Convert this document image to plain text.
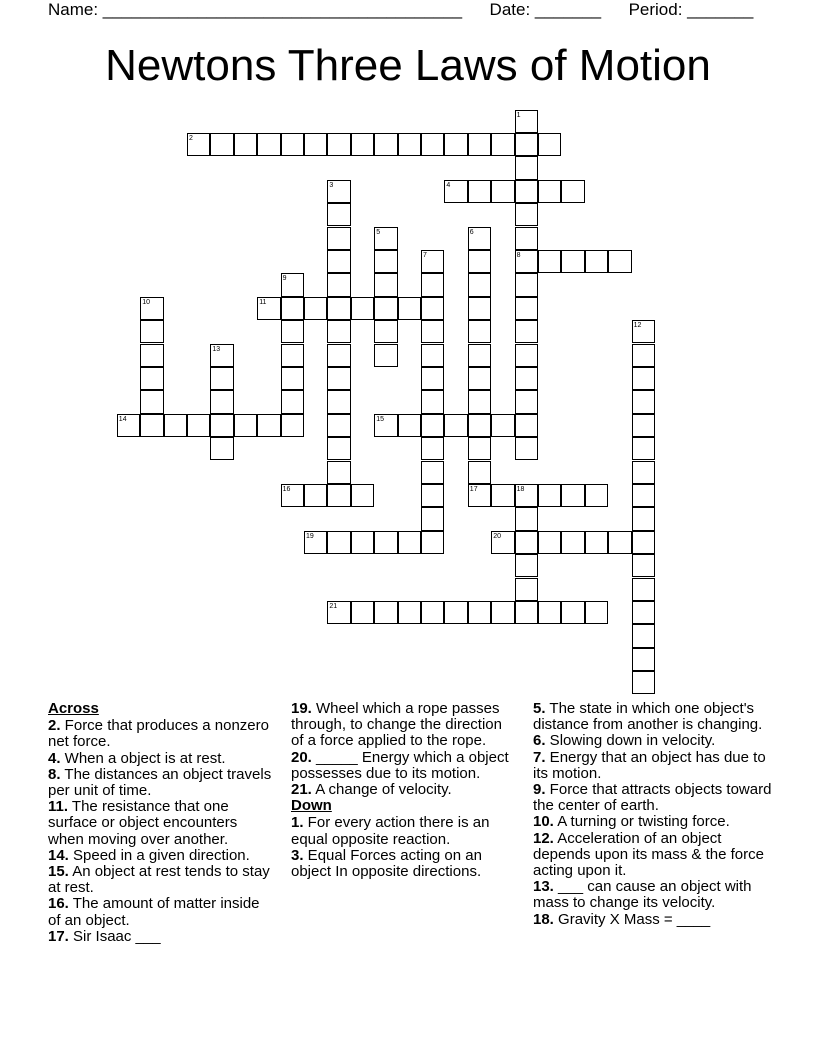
Name: ______________________________________ Date: _______ Period: _______
Newtons Three Laws of Motion
1
2
3	4
5	6
7	8
9
10	11
12
13
14	15
16	17	18
19	20
21
Across
2. Force that produces a nonzero net force.
4. When a object is at rest.
8. The distances an object travels per unit of time.
11. The resistance that one surface or object encounters when moving over another.
14. Speed in a given direction.
15. An object at rest tends to stay at rest.
16. The amount of matter inside of an object.
17. Sir Isaac ___
19. Wheel which a rope passes through, to change the direction of a force applied to the rope.
20. _____ Energy which a object possesses due to its motion.
21. A change of velocity.
Down
1. For every action there is an equal opposite reaction.
3. Equal Forces acting on an object In opposite directions.
5. The state in which one object's distance from another is changing.
6. Slowing down in velocity.
7. Energy that an object has due to its motion.
9. Force that attracts objects toward the center of earth.
10. A turning or twisting force.
12. Acceleration of an object depends upon its mass & the force acting upon it.
13. ___ can cause an object with mass to change its velocity.
18. Gravity X Mass = ____
